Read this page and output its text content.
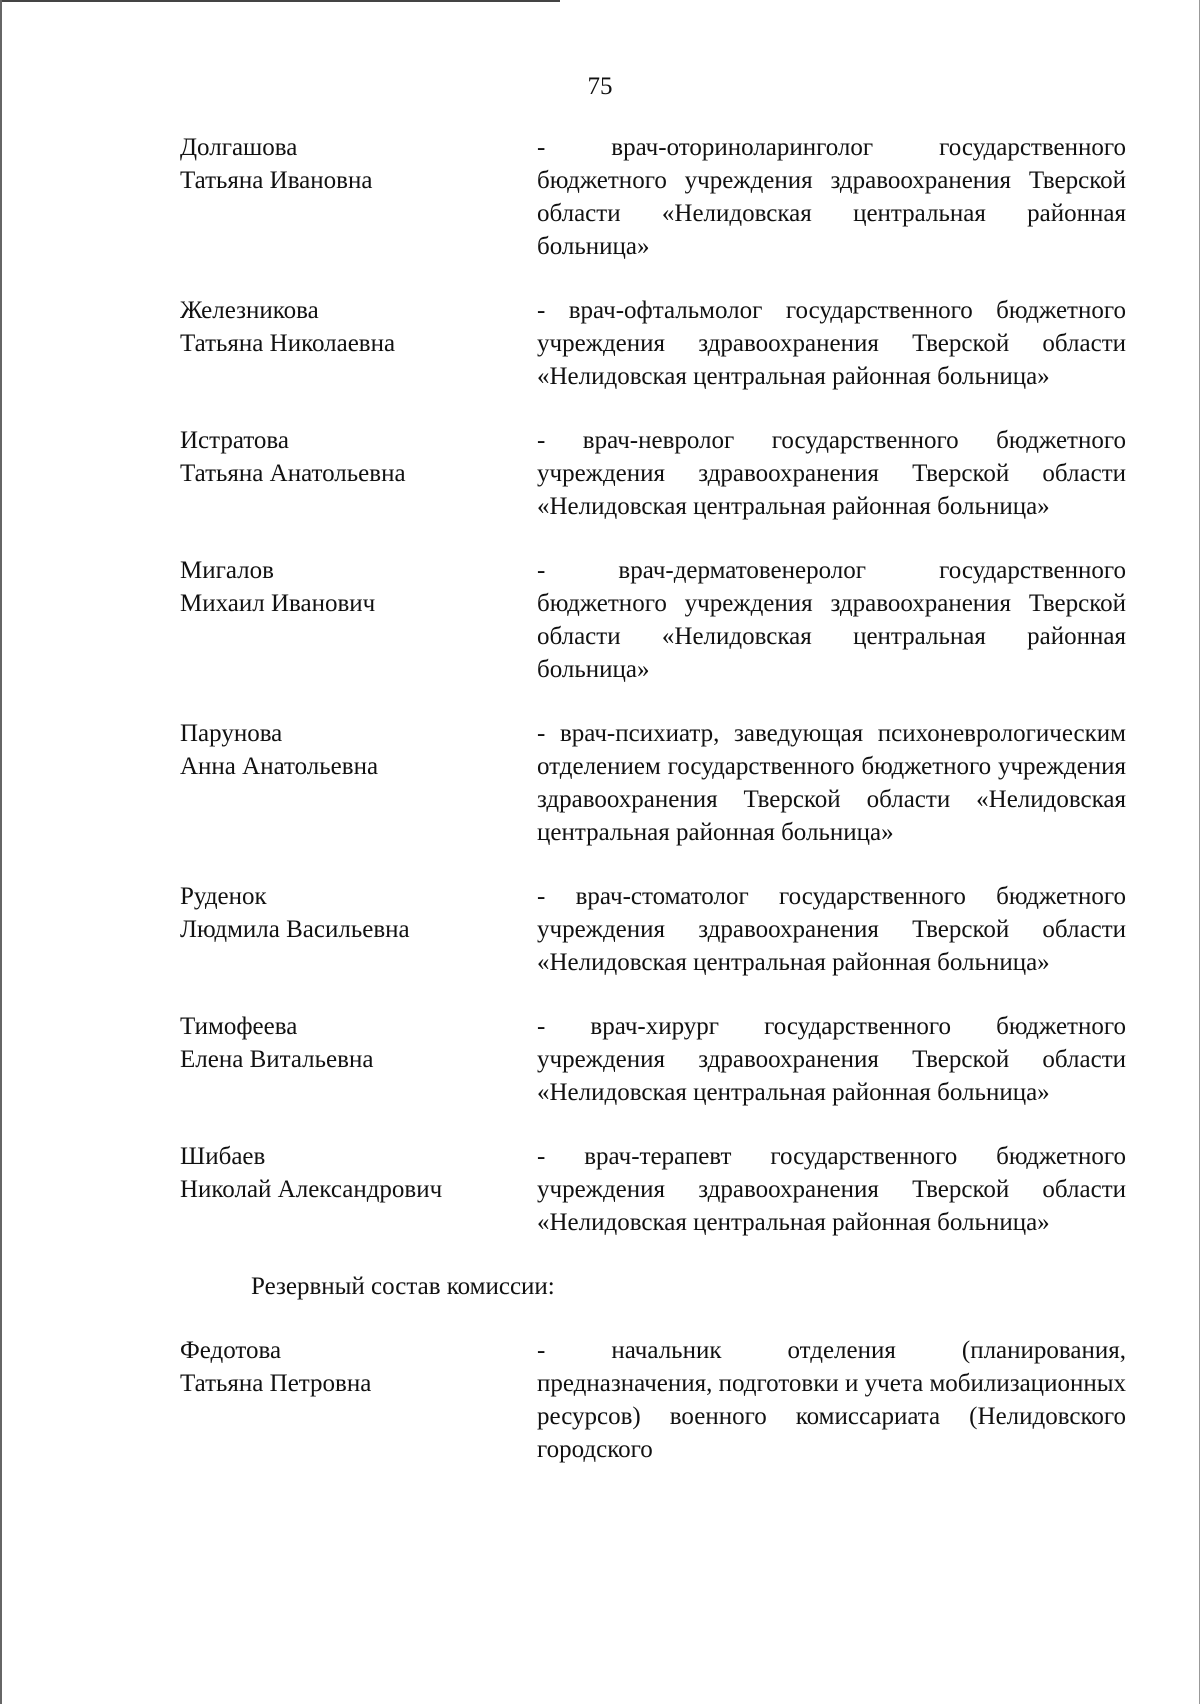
75
Долгашова
Татьяна Ивановна
- врач-оториноларинголог государственного бюджетного учреждения здравоохранения Тверской области «Нелидовская центральная районная больница»
Железникова
Татьяна Николаевна
- врач-офтальмолог государственного бюджетного учреждения здравоохранения Тверской области «Нелидовская центральная районная больница»
Истратова
Татьяна Анатольевна
- врач-невролог государственного бюджетного учреждения здравоохранения Тверской области «Нелидовская центральная районная больница»
Мигалов
Михаил Иванович
- врач-дерматовенеролог государственного бюджетного учреждения здравоохранения Тверской области «Нелидовская центральная районная больница»
Парунова
Анна Анатольевна
- врач-психиатр, заведующая психоневрологическим отделением государственного бюджетного учреждения здравоохранения Тверской области «Нелидовская центральная районная больница»
Руденок
Людмила Васильевна
- врач-стоматолог государственного бюджетного учреждения здравоохранения Тверской области «Нелидовская центральная районная больница»
Тимофеева
Елена Витальевна
- врач-хирург государственного бюджетного учреждения здравоохранения Тверской области «Нелидовская центральная районная больница»
Шибаев
Николай Александрович
- врач-терапевт государственного бюджетного учреждения здравоохранения Тверской области «Нелидовская центральная районная больница»
Резервный состав комиссии:
Федотова
Татьяна Петровна
- начальник отделения (планирования, предназначения, подготовки и учета мобилизационных ресурсов) военного комиссариата (Нелидовского городского
